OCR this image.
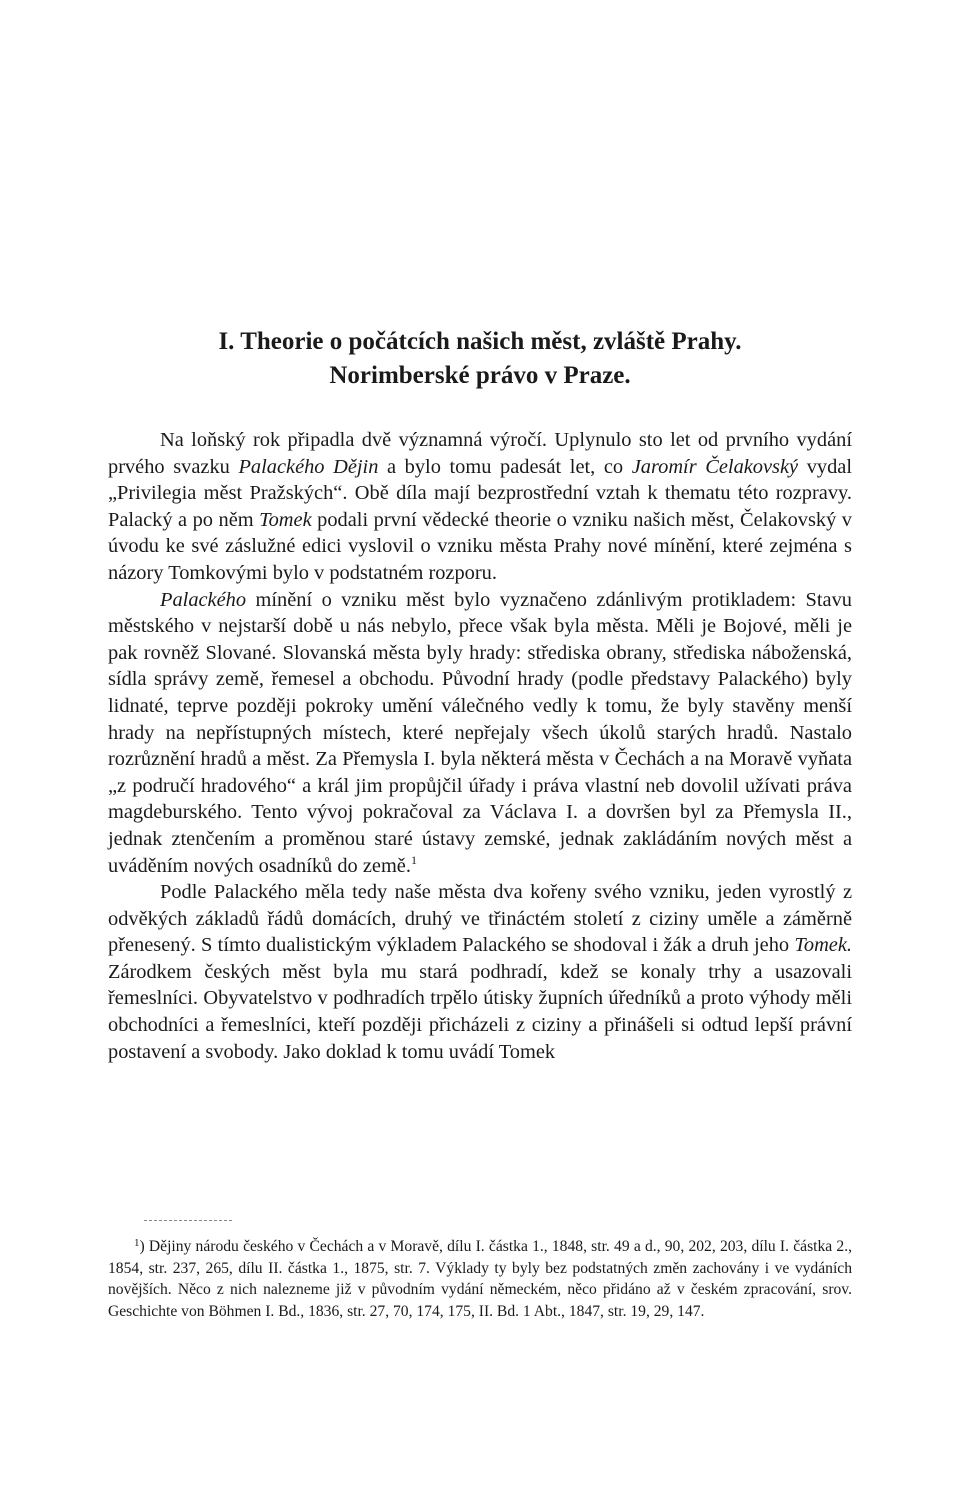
I. Theorie o počátcích našich měst, zvláště Prahy.
Norimberské právo v Praze.

Na loňský rok připadla dvě významná výročí. Uplynulo sto let od prvního vydání prvého svazku Palackého Dějin a bylo tomu padesát let, co Jaromír Čelakovský vydal „Privilegia měst Pražských“. Obě díla mají bezprostřední vztah k thematu této rozpravy. Palacký a po něm Tomek podali první vědecké theorie o vzniku našich měst, Čelakovský v úvodu ke své záslužné edici vyslovil o vzniku města Prahy nové mínění, které zejména s názory Tomkovými bylo v podstatném rozporu.

Palackého mínění o vzniku měst bylo vyznačeno zdánlivým protikladem: Stavu městského v nejstarší době u nás nebylo, přece však byla města. Měli je Bojové, měli je pak rovněž Slované. Slovanská města byly hrady: střediska obrany, střediska náboženská, sídla správy země, řemesel a obchodu. Původní hrady (podle představy Palackého) byly lidnaté, teprve později pokroky umění válečného vedly k tomu, že byly stavěny menší hrady na nepřístupných místech, které nepřejaly všech úkolů starých hradů. Nastalo rozrůznění hradů a měst. Za Přemysla I. byla některá města v Čechách a na Moravě vyňata „z područí hradového“ a král jim propůjčil úřady i práva vlastní neb dovolil užívati práva magdeburského. Tento vývoj pokračoval za Václava I. a dovršen byl za Přemysla II., jednak ztenčením a proměnou staré ústavy zemské, jednak zakládáním nových měst a uváděním nových osadníků do země.$^1$

Podle Palackého měla tedy naše města dva kořeny svého vzniku, jeden vyrostlý z odvěkých základů řádů domácích, druhý ve třináctém století z ciziny uměle a záměrně přenesený. S tímto dualistickým výkladem Palackého se shodoval i žák a druh jeho Tomek. Zárodkem českých měst byla mu stará podhradí, kdež se konaly trhy a usazovali řemeslníci. Obyvatelstvo v podhradích trpělo útisky župních úředníků a proto výhody měli obchodníci a řemeslníci, kteří později přicházeli z ciziny a přinášeli si odtud lepší právní postavení a svobody. Jako doklad k tomu uvádí Tomek

$^1$) Dějiny národu českého v Čechách a v Moravě, dílu I. částka 1., 1848, str. 49 a d., 90, 202, 203, dílu I. částka 2., 1854, str. 237, 265, dílu II. částka 1., 1875, str. 7. Výklady ty byly bez podstatných změn zachovány i ve vydáních novějších. Něco z nich nalezneme již v původním vydání německém, něco přidáno až v českém zpracování, srov. Geschichte von Böhmen I. Bd., 1836, str. 27, 70, 174, 175, II. Bd. 1 Abt., 1847, str. 19, 29, 147.
